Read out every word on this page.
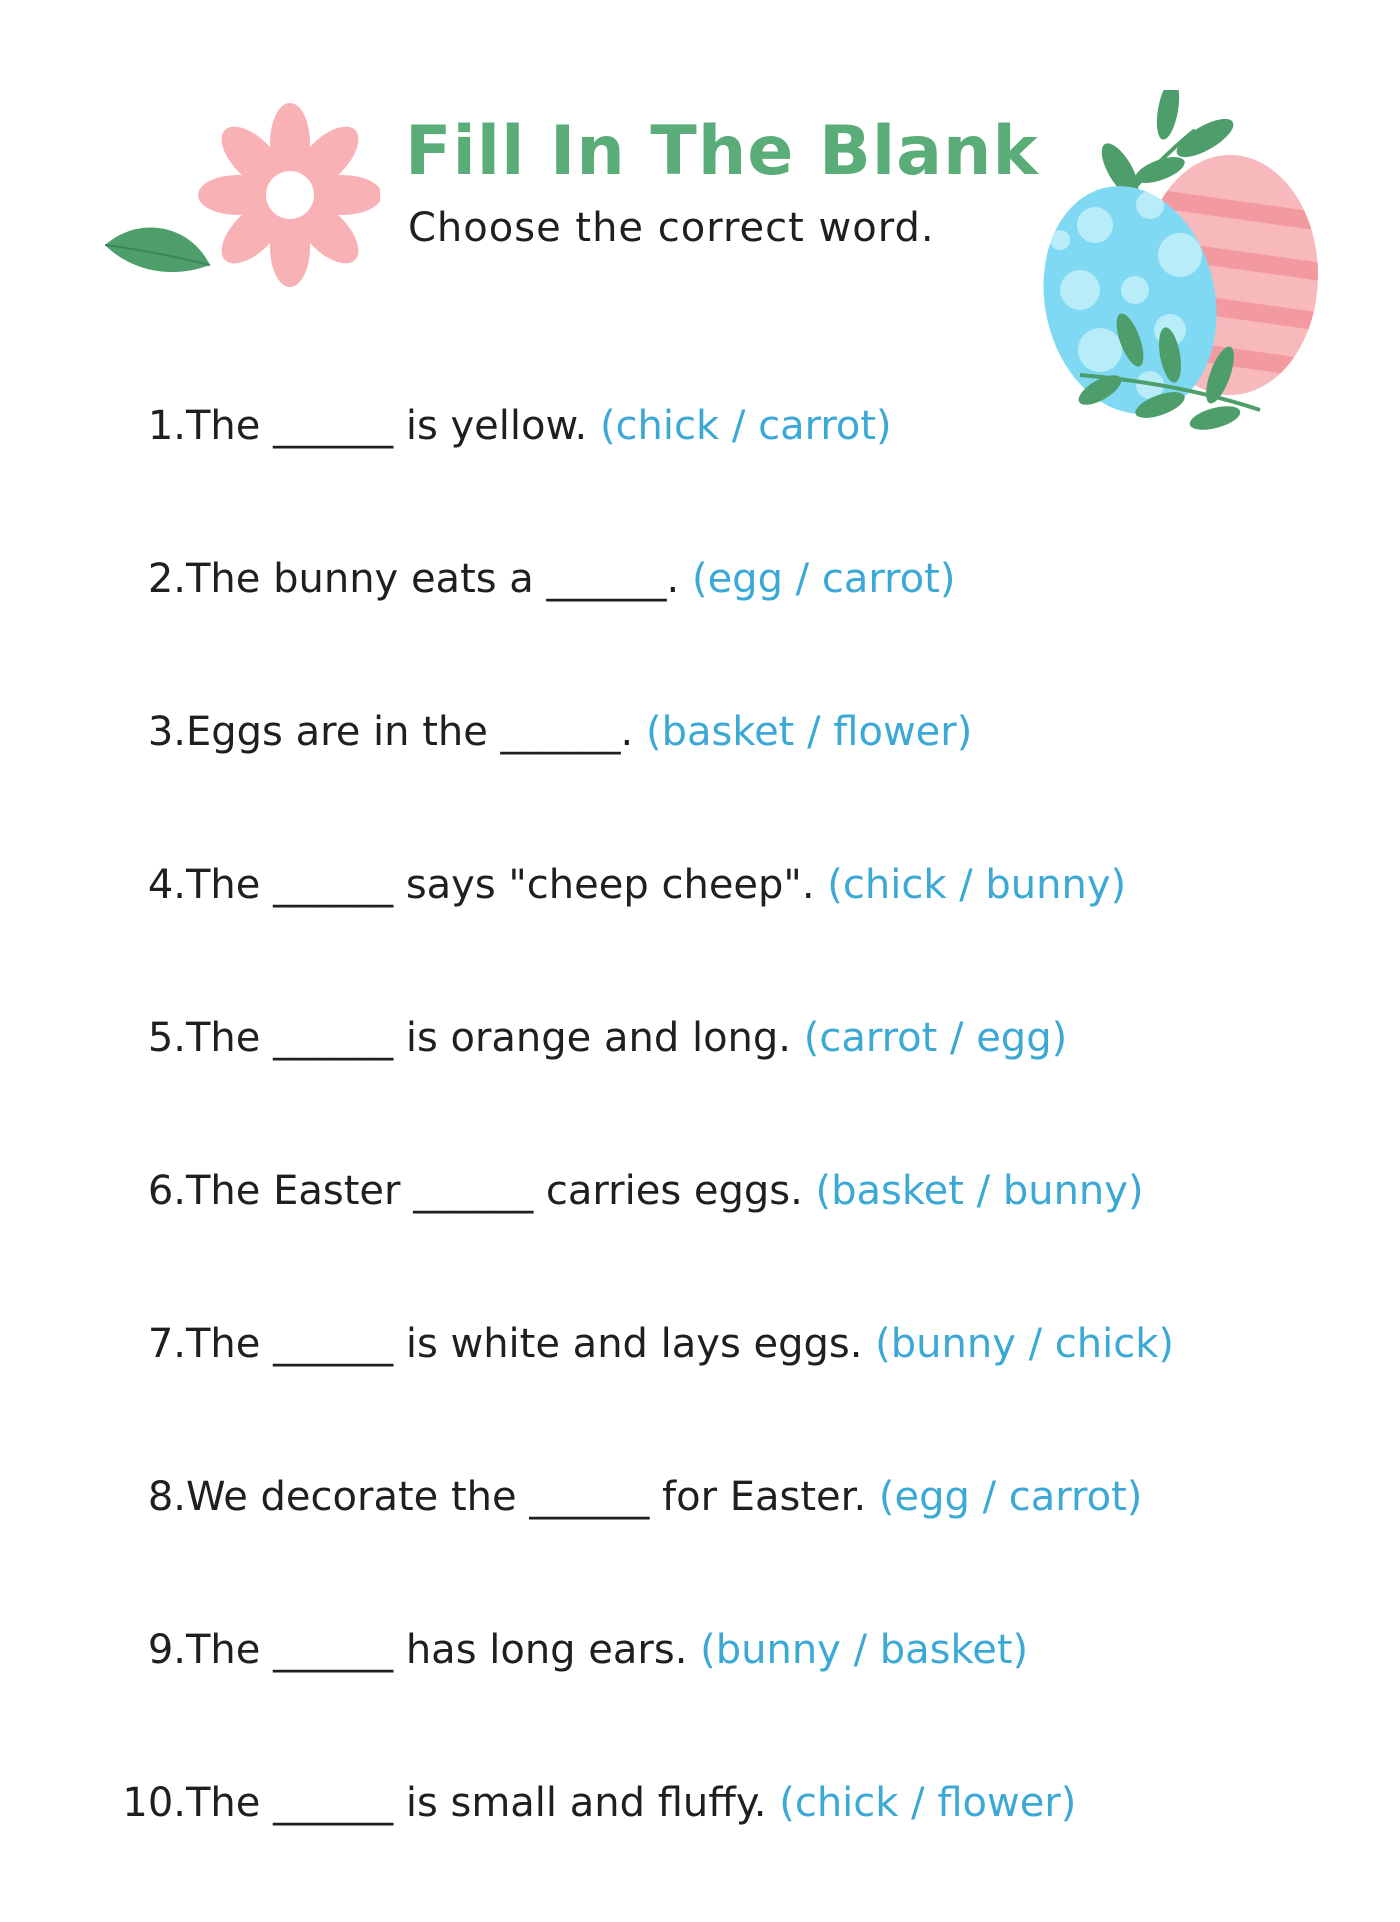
Fill In The Blank

Choose the correct word.

1. The ______ is yellow. (chick / carrot)
2. The bunny eats a ______. (egg / carrot)
3. Eggs are in the ______. (basket / flower)
4. The ______ says "cheep cheep". (chick / bunny)
5. The ______ is orange and long. (carrot / egg)
6. The Easter ______ carries eggs. (basket / bunny)
7. The ______ is white and lays eggs. (bunny / chick)
8. We decorate the ______ for Easter. (egg / carrot)
9. The ______ has long ears. (bunny / basket)
10. The ______ is small and fluffy. (chick / flower)
